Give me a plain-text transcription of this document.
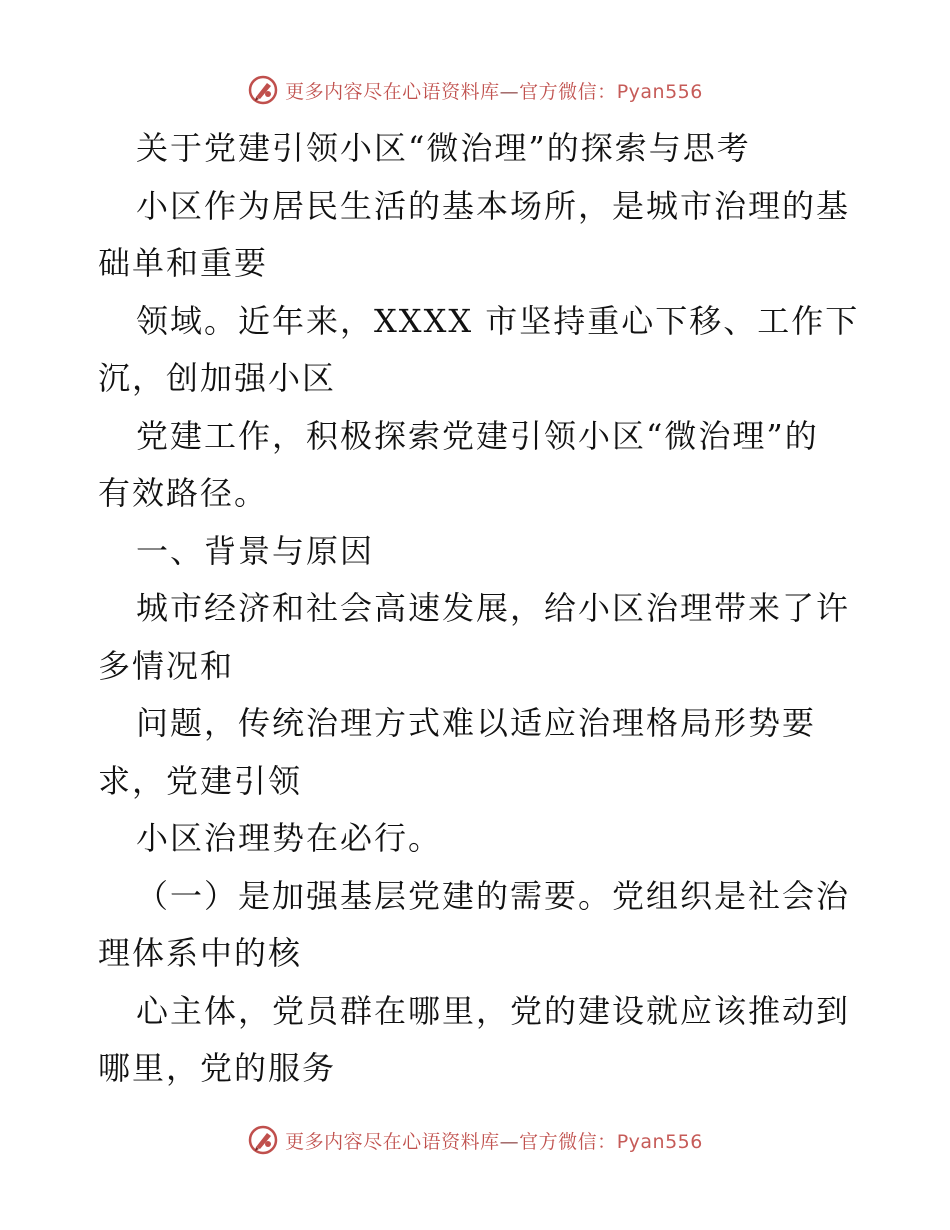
更多内容尽在心语资料库—官方微信：Pyan556
关于党建引领小区“微治理”的探索与思考
小区作为居民生活的基本场所，是城市治理的基
础单和重要
领域。近年来，XXXX 市坚持重心下移、工作下
沉，创加强小区
党建工作，积极探索党建引领小区“微治理”的
有效路径。
一、背景与原因
城市经济和社会高速发展，给小区治理带来了许
多情况和
问题，传统治理方式难以适应治理格局形势要
求，党建引领
小区治理势在必行。
（一）是加强基层党建的需要。党组织是社会治
理体系中的核
心主体，党员群在哪里，党的建设就应该推动到
哪里，党的服务
更多内容尽在心语资料库—官方微信：Pyan556
